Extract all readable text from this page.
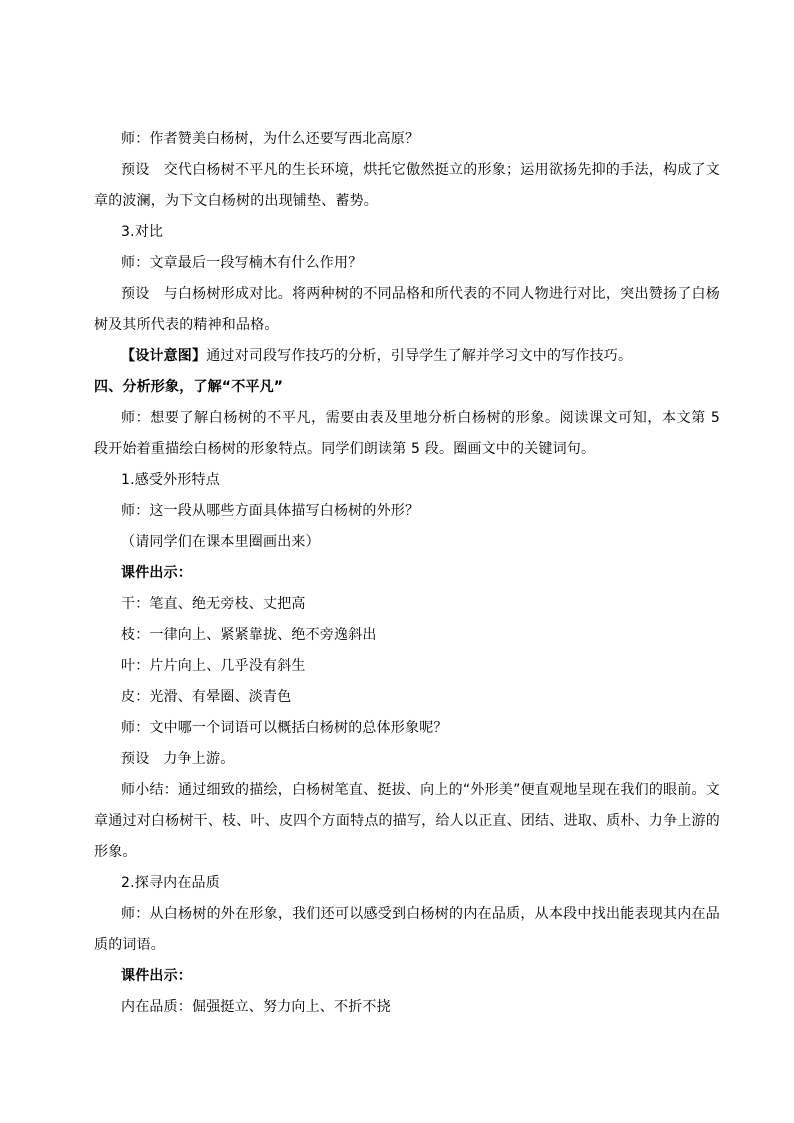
师：作者赞美白杨树，为什么还要写西北高原？

预设 交代白杨树不平凡的生长环境，烘托它傲然挺立的形象；运用欲扬先抑的手法，构成了文章的波澜，为下文白杨树的出现铺垫、蓄势。

3.对比

师：文章最后一段写楠木有什么作用？

预设 与白杨树形成对比。将两种树的不同品格和所代表的不同人物进行对比，突出赞扬了白杨树及其所代表的精神和品格。

【设计意图】通过对司段写作技巧的分析，引导学生了解并学习文中的写作技巧。

四、分析形象，了解“不平凡”

师：想要了解白杨树的不平凡，需要由表及里地分析白杨树的形象。阅读课文可知，本文第 5 段开始着重描绘白杨树的形象特点。同学们朗读第 5 段。圈画文中的关键词句。

1.感受外形特点

师：这一段从哪些方面具体描写白杨树的外形？

（请同学们在课本里圈画出来）

课件出示：

干：笔直、绝无旁枝、丈把高

枝：一律向上、紧紧靠拢、绝不旁逸斜出

叶：片片向上、几乎没有斜生

皮：光滑、有晕圈、淡青色

师：文中哪一个词语可以概括白杨树的总体形象呢？

预设 力争上游。

师小结：通过细致的描绘，白杨树笔直、挺拔、向上的“外形美”便直观地呈现在我们的眼前。文章通过对白杨树干、枝、叶、皮四个方面特点的描写，给人以正直、团结、进取、质朴、力争上游的形象。

2.探寻内在品质

师：从白杨树的外在形象，我们还可以感受到白杨树的内在品质，从本段中找出能表现其内在品质的词语。

课件出示：

内在品质：倔强挺立、努力向上、不折不挠
